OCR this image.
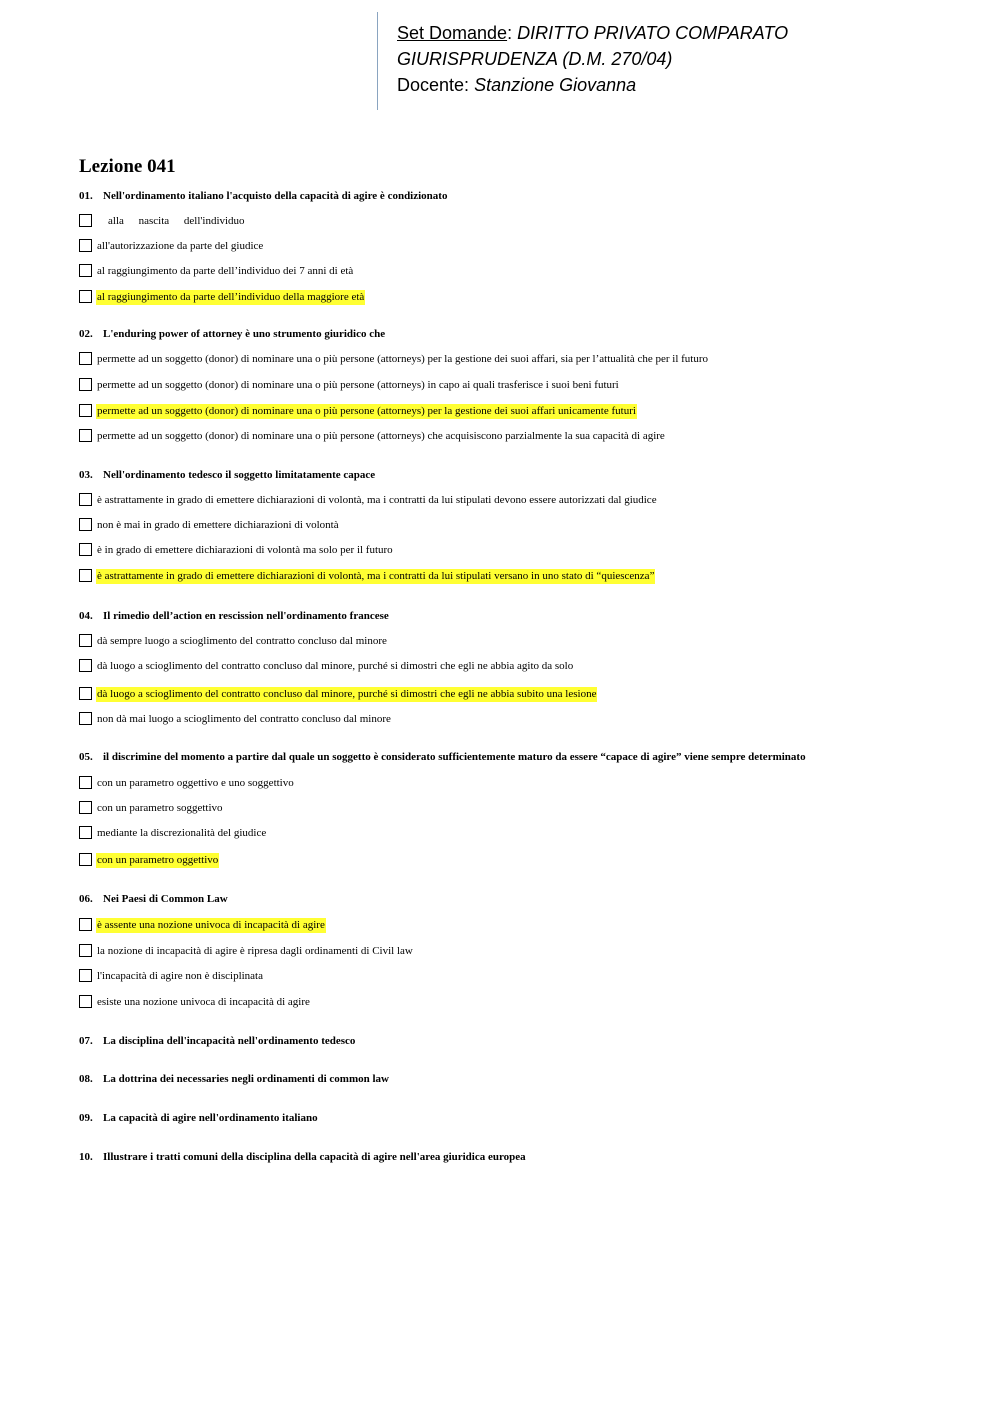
Set Domande: DIRITTO PRIVATO COMPARATO
GIURISPRUDENZA (D.M. 270/04)
Docente: Stanzione Giovanna
Lezione 041
01. Nell'ordinamento italiano l'acquisto della capacità di agire è condizionato
alla nascita dell'individuo
all'autorizzazione da parte del giudice
al raggiungimento da parte dell’individuo dei 7 anni di età
al raggiungimento da parte dell’individuo della maggiore età
02. L'enduring power of attorney è uno strumento giuridico che
permette ad un soggetto (donor) di nominare una o più persone (attorneys) per la gestione dei suoi affari, sia per l’attualità che per il futuro
permette ad un soggetto (donor) di nominare una o più persone (attorneys) in capo ai quali trasferisce i suoi beni futuri
permette ad un soggetto (donor) di nominare una o più persone (attorneys) per la gestione dei suoi affari unicamente futuri
permette ad un soggetto (donor) di nominare una o più persone (attorneys) che acquisiscono parzialmente la sua capacità di agire
03. Nell'ordinamento tedesco il soggetto limitatamente capace
è astrattamente in grado di emettere dichiarazioni di volontà, ma i contratti da lui stipulati devono essere autorizzati dal giudice
non è mai in grado di emettere dichiarazioni di volontà
è in grado di emettere dichiarazioni di volontà ma solo per il futuro
è astrattamente in grado di emettere dichiarazioni di volontà, ma i contratti da lui stipulati versano in uno stato di “quiescenza”
04. Il rimedio dell’action en rescission nell'ordinamento francese
dà sempre luogo a scioglimento del contratto concluso dal minore
dà luogo a scioglimento del contratto concluso dal minore, purché si dimostri che egli ne abbia agito da solo
dà luogo a scioglimento del contratto concluso dal minore, purché si dimostri che egli ne abbia subito una lesione
non dà mai luogo a scioglimento del contratto concluso dal minore
05. il discrimine del momento a partire dal quale un soggetto è considerato sufficientemente maturo da essere “capace di agire” viene sempre determinato
con un parametro oggettivo e uno soggettivo
con un parametro soggettivo
mediante la discrezionalità del giudice
con un parametro oggettivo
06. Nei Paesi di Common Law
è assente una nozione univoca di incapacità di agire
la nozione di incapacità di agire è ripresa dagli ordinamenti di Civil law
l'incapacità di agire non è disciplinata
esiste una nozione univoca di incapacità di agire
07. La disciplina dell'incapacità nell'ordinamento tedesco
08. La dottrina dei necessaries negli ordinamenti di common law
09. La capacità di agire nell'ordinamento italiano
10. Illustrare i tratti comuni della disciplina della capacità di agire nell'area giuridica europea
